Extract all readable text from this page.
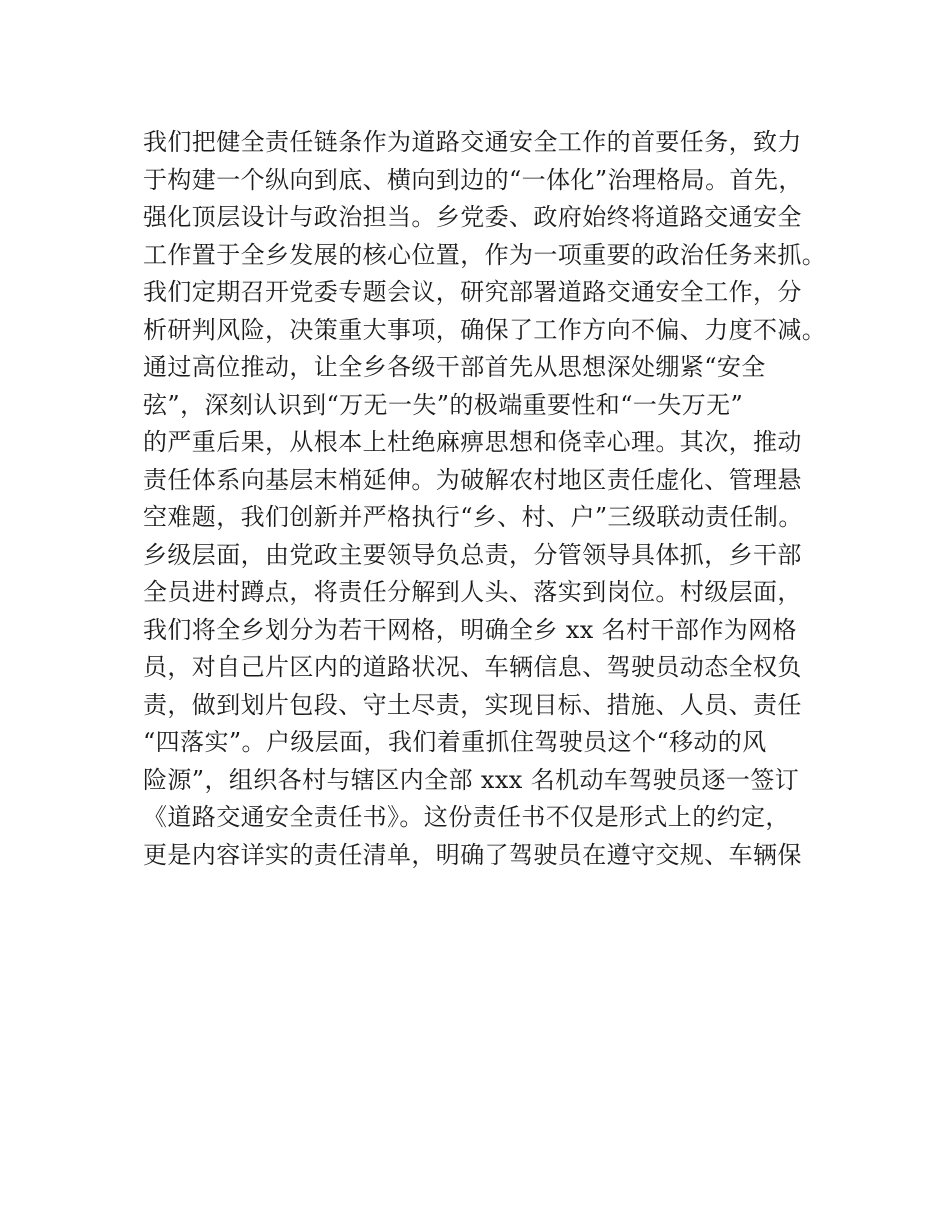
我们把健全责任链条作为道路交通安全工作的首要任务，致力
于构建一个纵向到底、横向到边的“一体化”治理格局。首先，
强化顶层设计与政治担当。乡党委、政府始终将道路交通安全
工作置于全乡发展的核心位置，作为一项重要的政治任务来抓。
我们定期召开党委专题会议，研究部署道路交通安全工作，分
析研判风险，决策重大事项，确保了工作方向不偏、力度不减。
通过高位推动，让全乡各级干部首先从思想深处绷紧“安全
弦”，深刻认识到“万无一失”的极端重要性和“一失万无”
的严重后果，从根本上杜绝麻痹思想和侥幸心理。其次，推动
责任体系向基层末梢延伸。为破解农村地区责任虚化、管理悬
空难题，我们创新并严格执行“乡、村、户”三级联动责任制。
乡级层面，由党政主要领导负总责，分管领导具体抓，乡干部
全员进村蹲点，将责任分解到人头、落实到岗位。村级层面，
我们将全乡划分为若干网格，明确全乡 xx 名村干部作为网格
员，对自己片区内的道路状况、车辆信息、驾驶员动态全权负
责，做到划片包段、守土尽责，实现目标、措施、人员、责任
“四落实”。户级层面，我们着重抓住驾驶员这个“移动的风
险源”，组织各村与辖区内全部 xxx 名机动车驾驶员逐一签订
《道路交通安全责任书》。这份责任书不仅是形式上的约定，
更是内容详实的责任清单，明确了驾驶员在遵守交规、车辆保
